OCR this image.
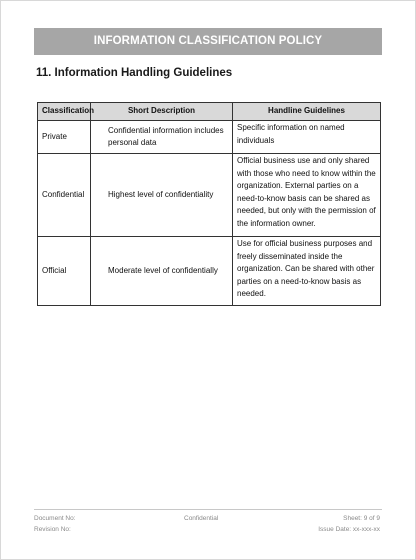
INFORMATION CLASSIFICATION POLICY
11. Information Handling Guidelines
Classification	Short Description	Handline Guidelines
Private	Confidential information includes personal data	Specific information on named individuals
Confidential	Highest level of confidentiality	Official business use and only shared with those who need to know within the organization. External parties on a need-to-know basis can be shared as needed, but only with the permission of the information owner.
Official	Moderate level of confidentially	Use for official business purposes and freely disseminated inside the organization. Can be shared with other parties on a need-to-know basis as needed.
Document No:
Revision No:
Confidential	Sheet: 9 of 9
Issue Date: xx-xxx-xx
